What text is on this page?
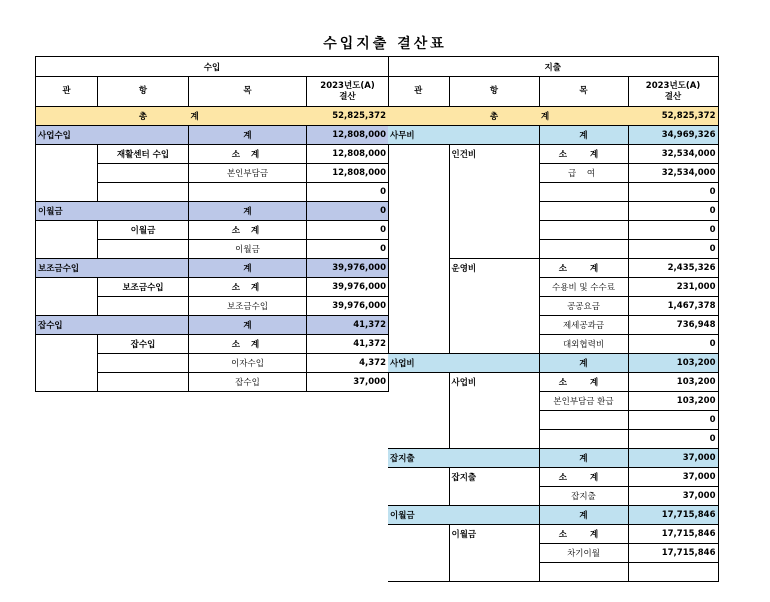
수입지출 결산표
수입			
관	항	목	2023년도(A)
결산
	총	계	52,825,372
사업수입		계	12,808,000
	재활센터 수입	소 계	12,808,000
		본인부담금	12,808,000
			0
이월금		계	0
	이월금	소 계	0
		이월금	0
보조금수입		계	39,976,000
	보조금수입	소 계	39,976,000
		보조금수입	39,976,000
잡수입		계	41,372
	잡수입	소 계	41,372
		이자수입	4,372
		잡수입	37,000
지출			
관	항	목	2023년도(A)
결산
	총	계	52,825,372
사무비		계	34,969,326
	인건비	소 계	32,534,000
		급 여	32,534,000
			0
			0
			0
			0
	운영비	소 계	2,435,326
		수용비 및 수수료	231,000
		공공요금	1,467,378
		제세공과금	736,948
		대외협력비	0
사업비		계	103,200
	사업비	소 계	103,200
		본인부담금 환급	103,200
			0
			0
잡지출		계	37,000
	잡지출	소 계	37,000
		잡지출	37,000
이월금		계	17,715,846
	이월금	소 계	17,715,846
		차기이월	17,715,846
